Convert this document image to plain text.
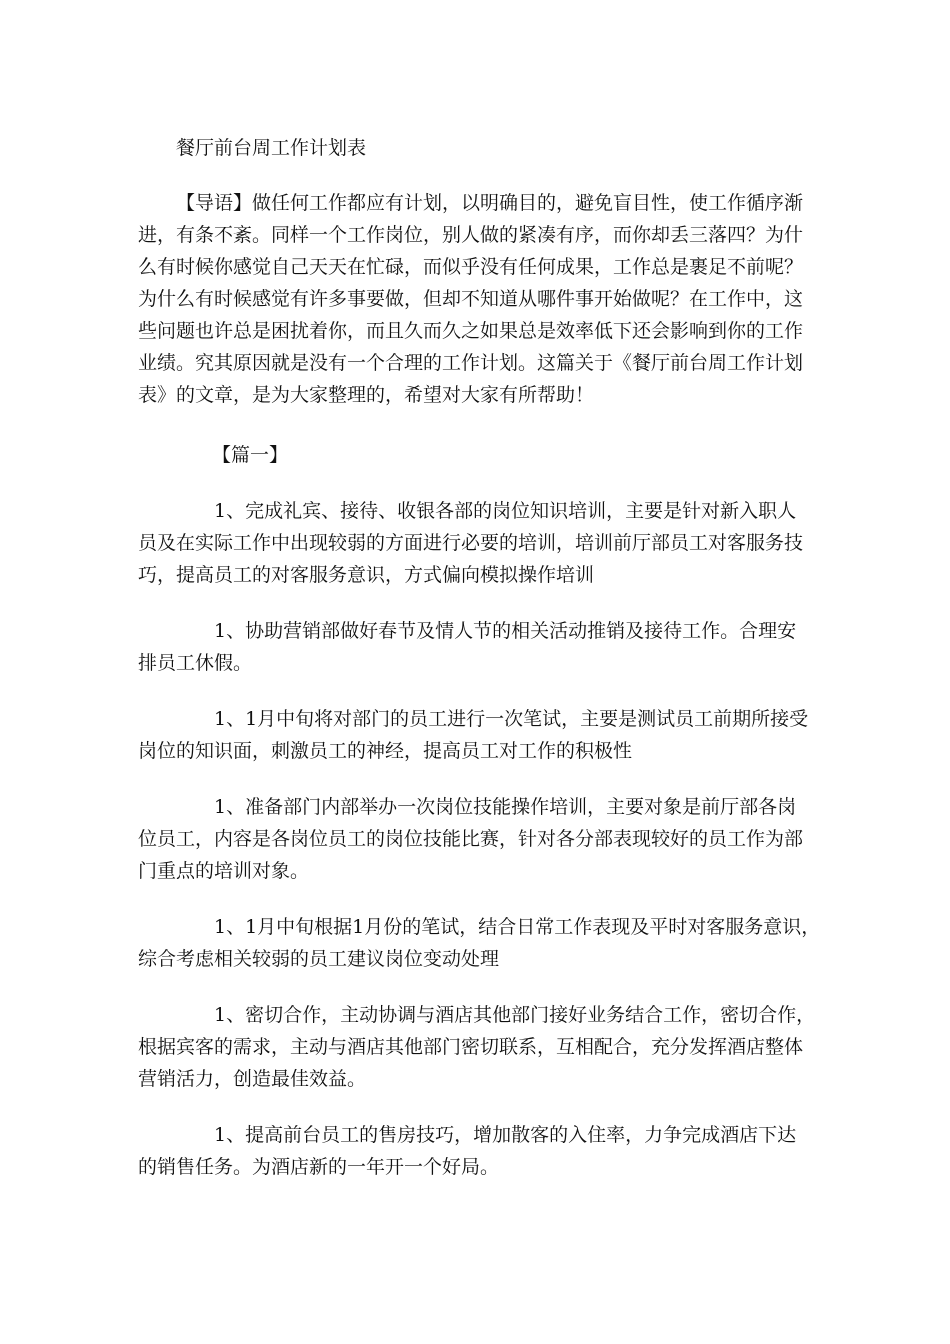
餐厅前台周工作计划表
【导语】做任何工作都应有计划，以明确目的，避免盲目性，使工作循序渐
进，有条不紊。同样一个工作岗位，别人做的紧凑有序，而你却丢三落四？为什
么有时候你感觉自己天天在忙碌，而似乎没有任何成果，工作总是裹足不前呢？
为什么有时候感觉有许多事要做，但却不知道从哪件事开始做呢？在工作中，这
些问题也许总是困扰着你，而且久而久之如果总是效率低下还会影响到你的工作
业绩。究其原因就是没有一个合理的工作计划。这篇关于《餐厅前台周工作计划
表》的文章，是为大家整理的，希望对大家有所帮助！
【篇一】
1、完成礼宾、接待、收银各部的岗位知识培训，主要是针对新入职人
员及在实际工作中出现较弱的方面进行必要的培训，培训前厅部员工对客服务技
巧，提高员工的对客服务意识，方式偏向模拟操作培训
1、协助营销部做好春节及情人节的相关活动推销及接待工作。合理安
排员工休假。
1、1月中旬将对部门的员工进行一次笔试，主要是测试员工前期所接受
岗位的知识面，刺激员工的神经，提高员工对工作的积极性
1、准备部门内部举办一次岗位技能操作培训，主要对象是前厅部各岗
位员工，内容是各岗位员工的岗位技能比赛，针对各分部表现较好的员工作为部
门重点的培训对象。
1、1月中旬根据1月份的笔试，结合日常工作表现及平时对客服务意识，
综合考虑相关较弱的员工建议岗位变动处理
1、密切合作，主动协调与酒店其他部门接好业务结合工作，密切合作，
根据宾客的需求，主动与酒店其他部门密切联系，互相配合，充分发挥酒店整体
营销活力，创造最佳效益。
1、提高前台员工的售房技巧，增加散客的入住率，力争完成酒店下达
的销售任务。为酒店新的一年开一个好局。
